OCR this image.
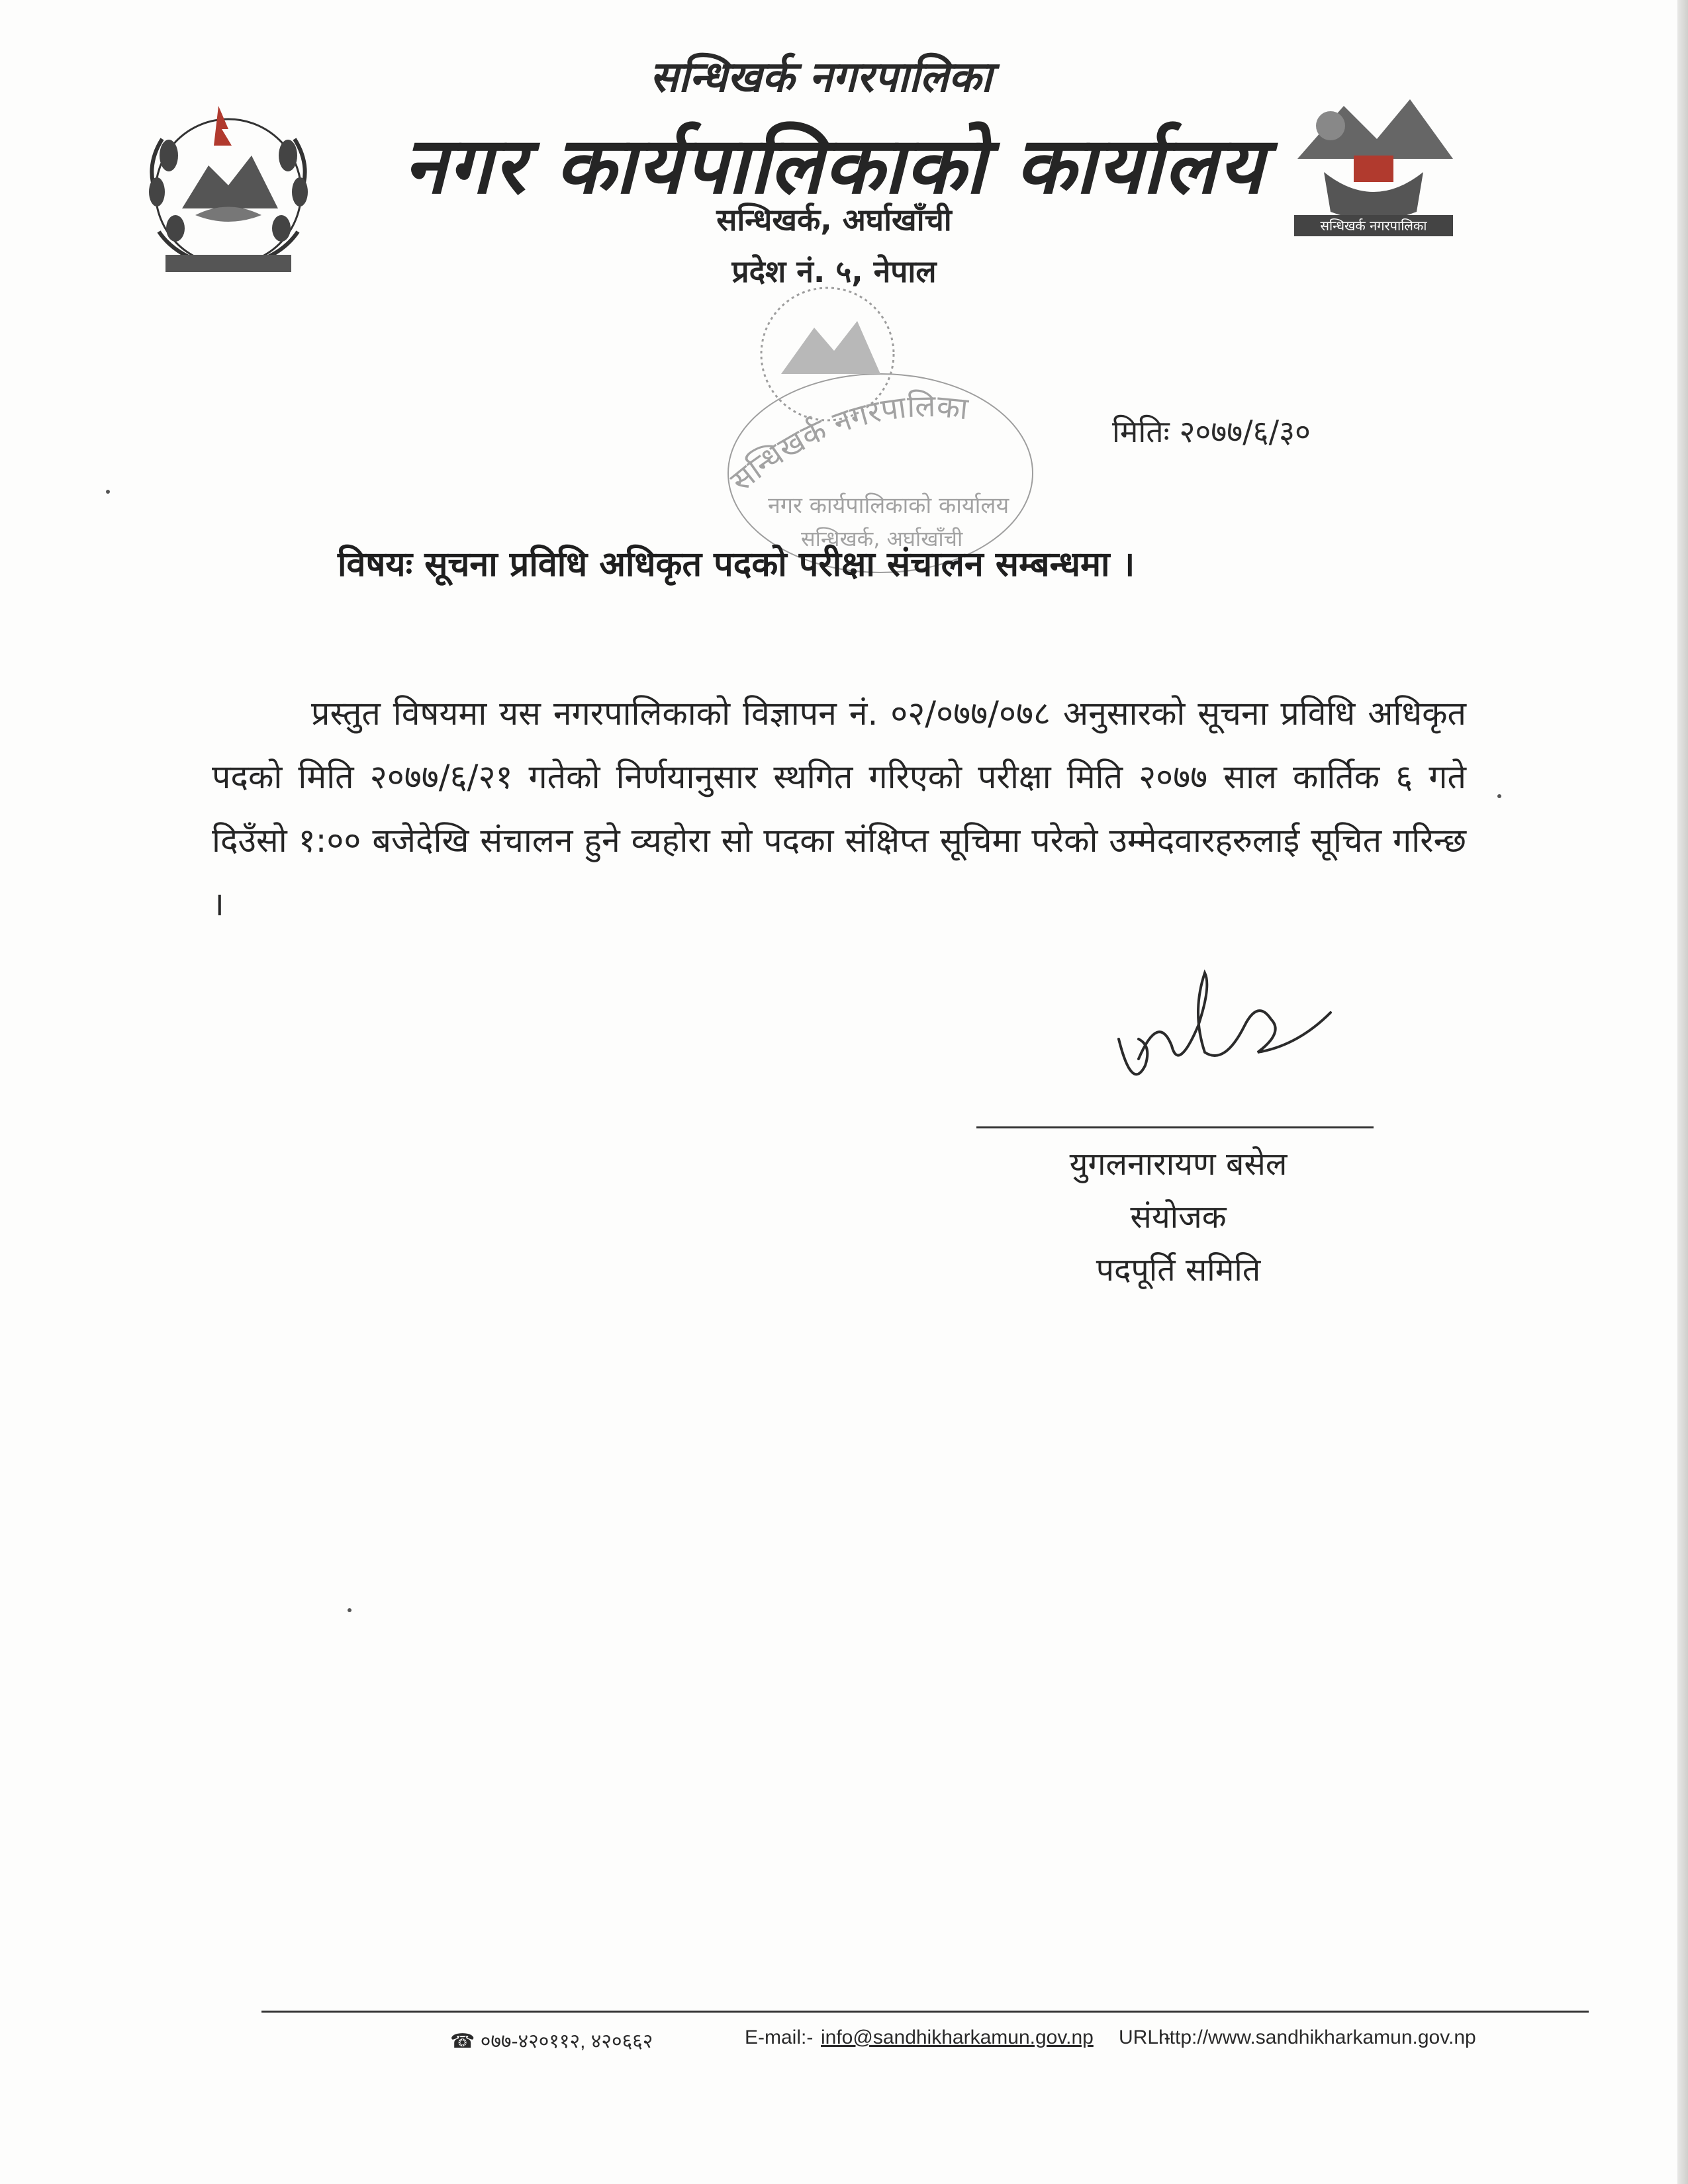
सन्धिखर्क नगरपालिका
नगर कार्यपालिकाको कार्यालय
सन्धिखर्क, अर्घाखाँची
प्रदेश नं. ५, नेपाल
सन्धिखर्क नगरपालिका
सन्धिखर्क नगरपालिका
नगर कार्यपालिकाको कार्यालय
सन्धिखर्क, अर्घाखाँची
मितिः २०७७/६/३०
विषयः सूचना प्रविधि अधिकृत पदको परीक्षा संचालन सम्बन्धमा ।
प्रस्तुत विषयमा यस नगरपालिकाको विज्ञापन नं. ०२/०७७/०७८ अनुसारको सूचना प्रविधि अधिकृत पदको मिति २०७७/६/२१ गतेको निर्णयानुसार स्थगित गरिएको परीक्षा मिति २०७७ साल कार्तिक ६ गते दिउँसो १:०० बजेदेखि संचालन हुने व्यहोरा सो पदका संक्षिप्त सूचिमा परेको उम्मेदवारहरुलाई सूचित गरिन्छ ।
युगलनारायण बसेल
संयोजक
पदपूर्ति समिति
☎ ०७७-४२०११२, ४२०६६२	E-mail:- info@sandhikharkamun.gov.np URL:-
http://www.sandhikharkamun.gov.np
